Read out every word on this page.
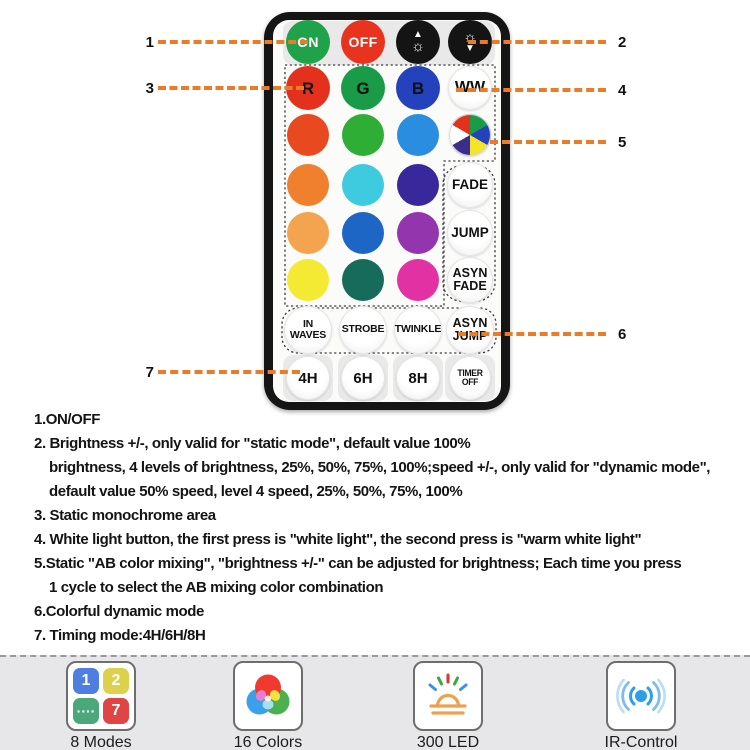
ON OFF	▲
☼
☼
▼
R G B WW
FADE
JUMP
ASYN
FADE
IN
WAVES STROBE TWINKLE ASYN
JUMP
4H 6H 8H	TIMER OFF
1	2
3	4
5
6
7
1.ON/OFF
2. Brightness +/-, only valid for "static mode", default value 100%
brightness, 4 levels of brightness, 25%, 50%, 75%, 100%;speed +/-, only valid for "dynamic mode",
default value 50% speed, level 4 speed, 25%, 50%, 75%, 100%
3. Static monochrome area
4. White light button, the first press is "white light", the second press is "warm white light"
5.Static "AB color mixing", "brightness +/-" can be adjusted for brightness; Each time you press
1 cycle to select the AB mixing color combination
6.Colorful dynamic mode
7. Timing mode:4H/6H/8H
1	2
····	7
8 Modes	16 Colors	300 LED	IR-Control
